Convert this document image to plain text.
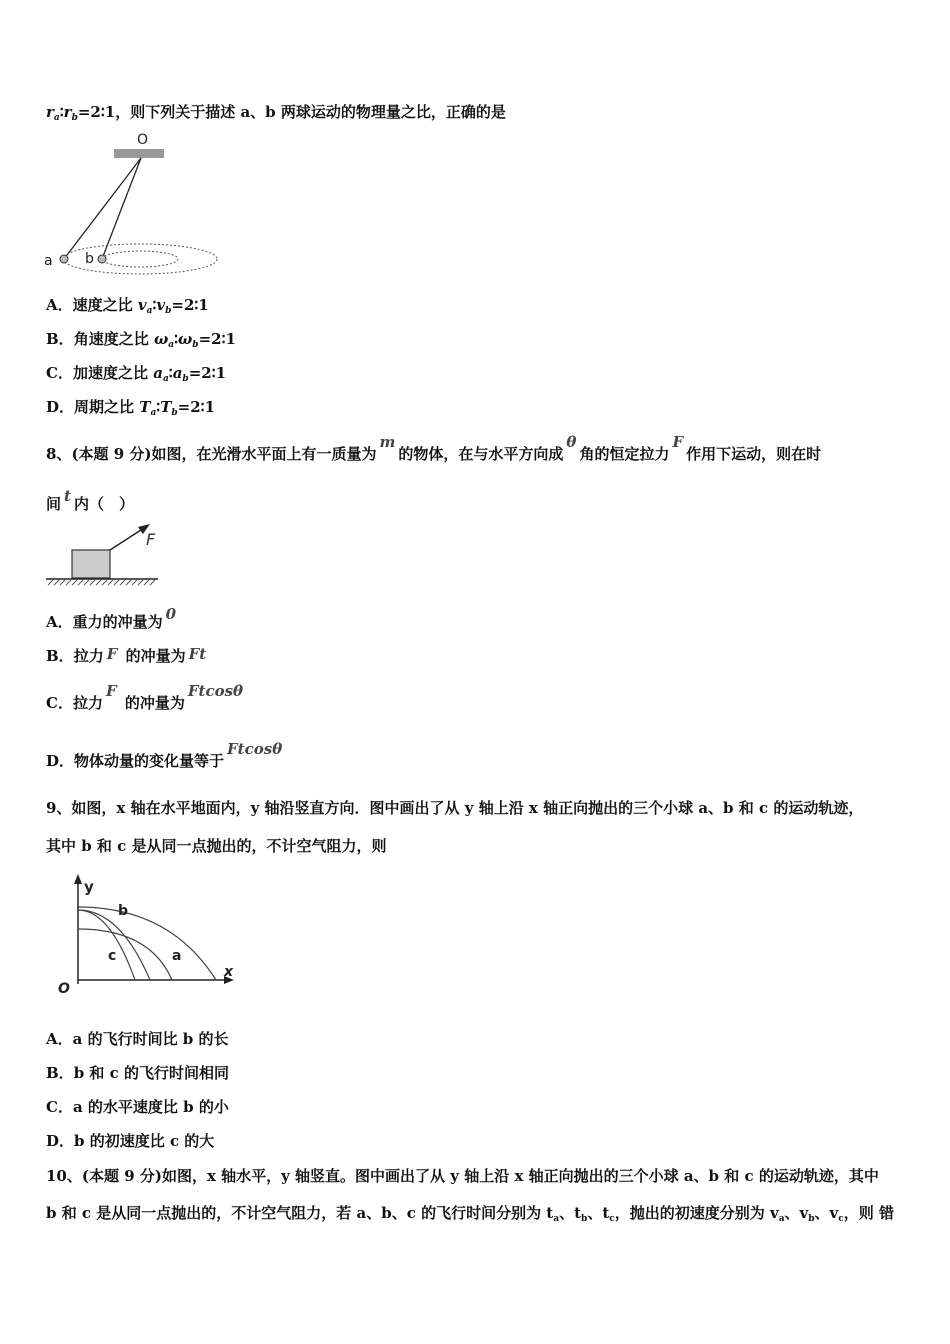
$r_a∶r_b=2∶1$，则下列关于描述 a、b 两球运动的物理量之比，正确的是
O
a b
A．速度之比 $v_a∶v_b=2∶1$
B．角速度之比 $\omega_a∶\omega_b=2∶1$
C．加速度之比 $a_a∶a_b=2∶1$
D．周期之比 $T_a∶T_b=2∶1$
8、(本题 9 分)如图，在光滑水平面上有一质量为m的物体，在与水平方向成θ角的恒定拉力F作用下运动，则在时
间 t 内（　）
F
A．重力的冲量为 0
B．拉力 F 的冲量为 Ft
C．拉力F 的冲量为Ftcosθ
D．物体动量的变化量等于Ftcosθ
9、如图，x 轴在水平地面内，y 轴沿竖直方向．图中画出了从 y 轴上沿 x 轴正向抛出的三个小球 a、b 和 c 的运动轨迹，
其中 b 和 c 是从同一点抛出的，不计空气阻力，则
y
x
O
b
c	a
A．a 的飞行时间比 b 的长
B．b 和 c 的飞行时间相同
C．a 的水平速度比 b 的小
D．b 的初速度比 c 的大
10、(本题 9 分)如图，x 轴水平，y 轴竖直。图中画出了从 y 轴上沿 x 轴正向抛出的三个小球 a、b 和 c 的运动轨迹，其中
b 和 c 是从同一点抛出的，不计空气阻力，若 a、b、c 的飞行时间分别为 $t_a$、$t_b$、$t_c$，抛出的初速度分别为 $v_a$、$v_b$、$v_c$，则 错
